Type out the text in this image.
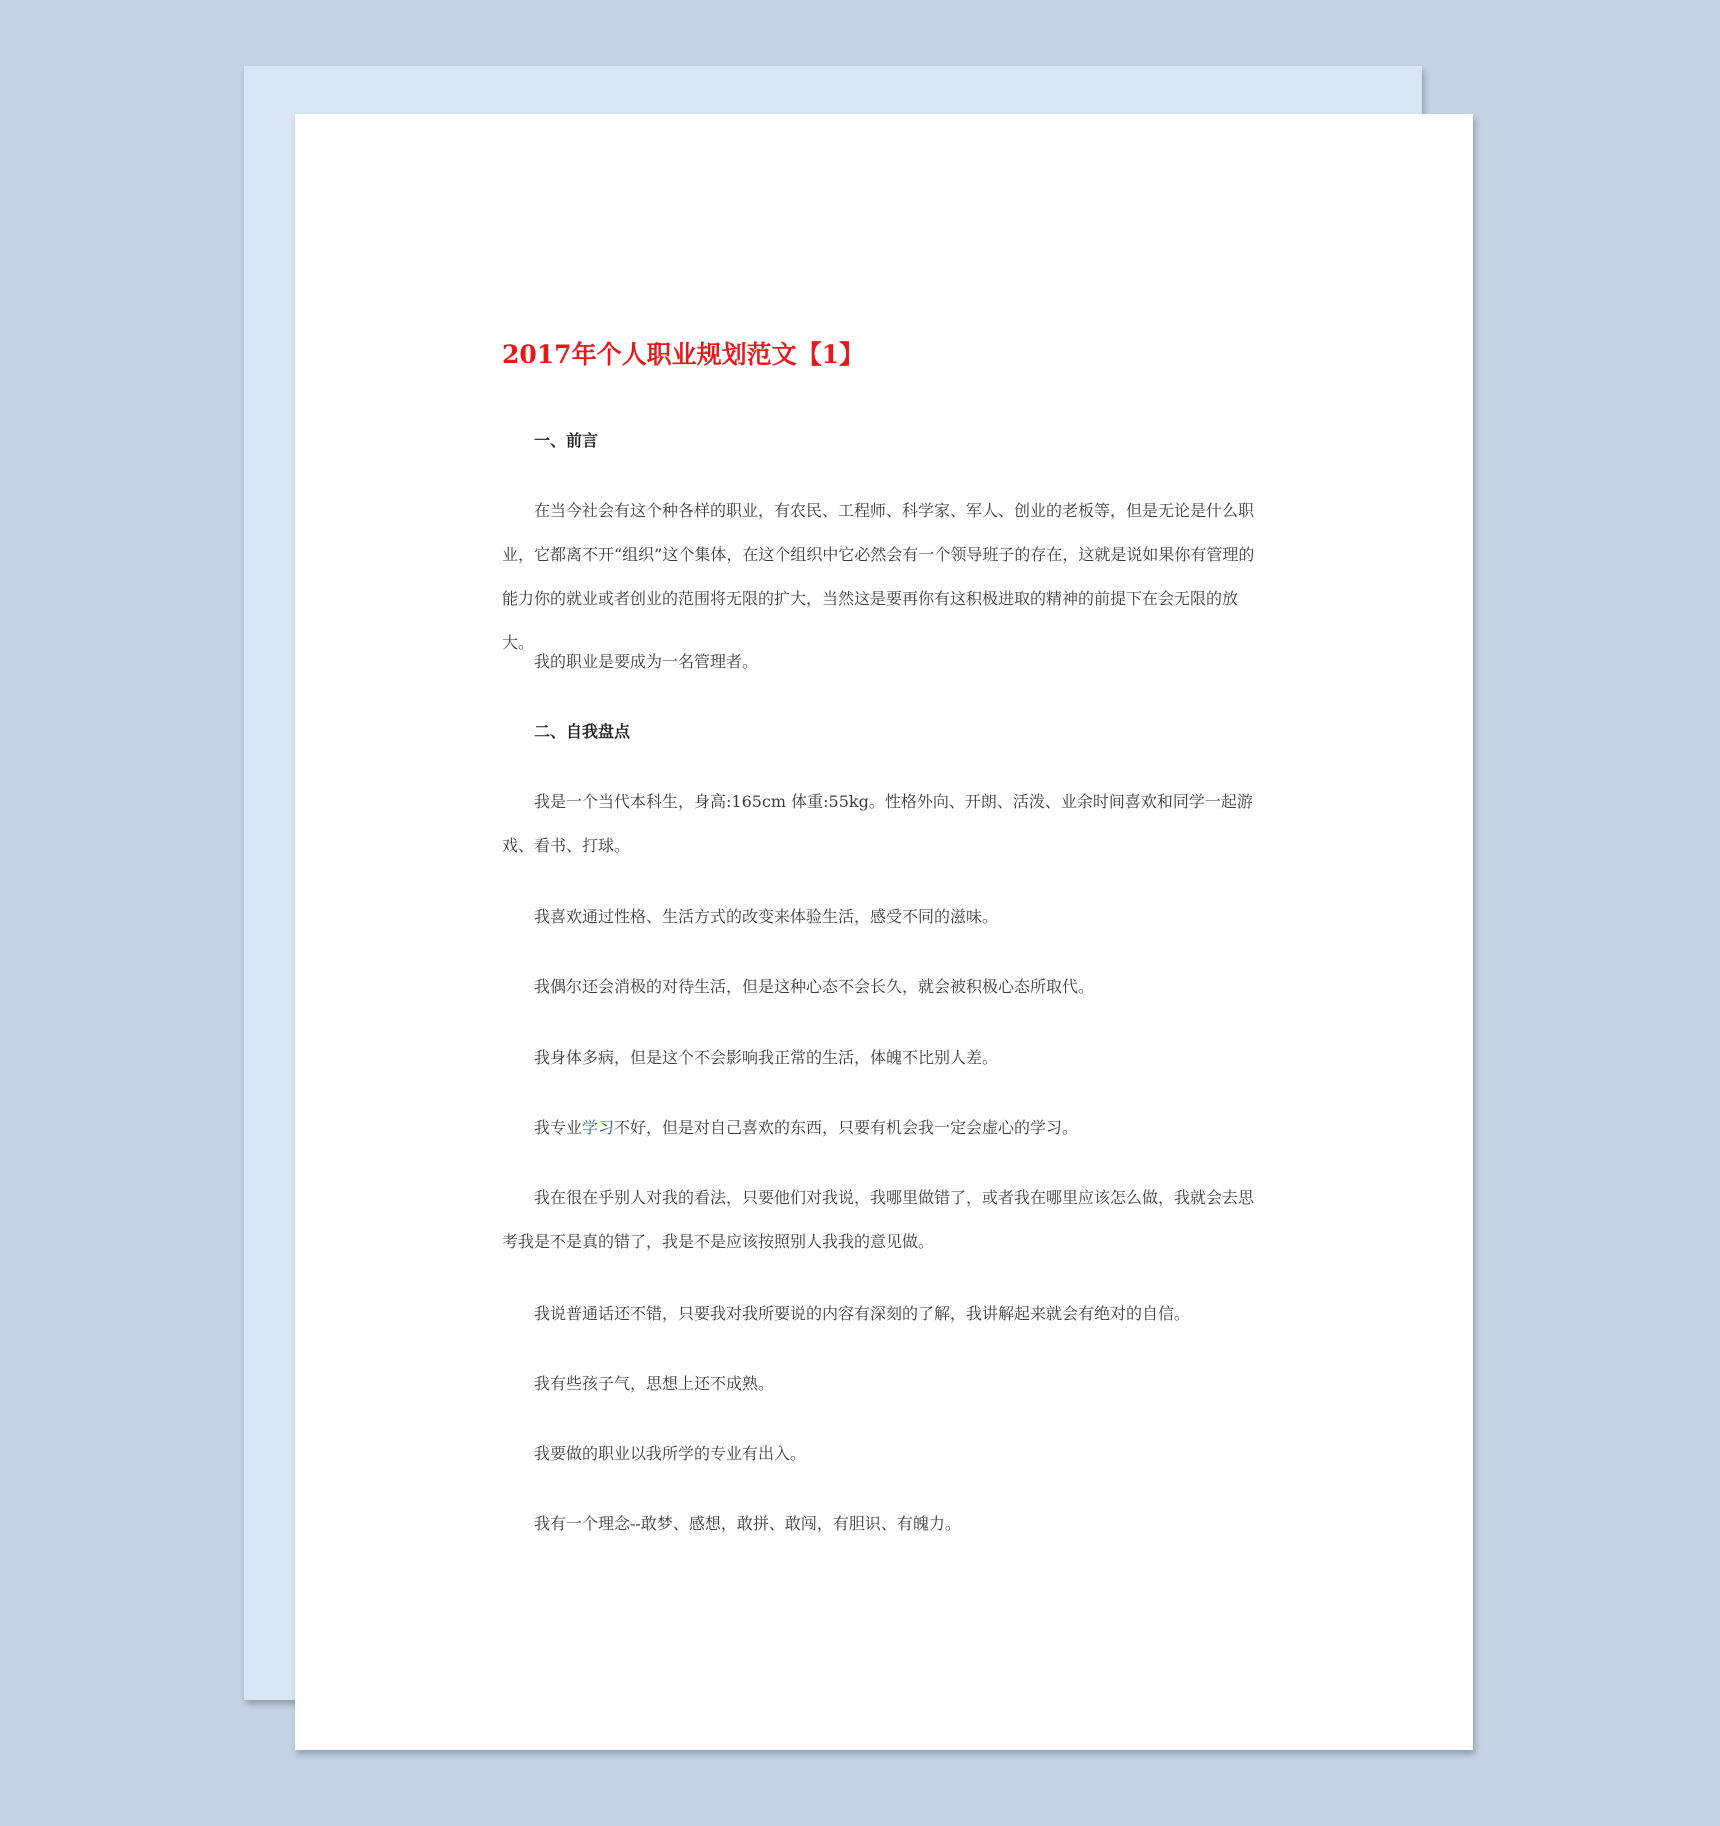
2017年个人职业规划范文【1】

一、前言

在当今社会有这个种各样的职业，有农民、工程师、科学家、军人、创业的老板等，但是无论是什么职业，它都离不开“组织”这个集体，在这个组织中它必然会有一个领导班子的存在，这就是说如果你有管理的能力你的就业或者创业的范围将无限的扩大，当然这是要再你有这积极进取的精神的前提下在会无限的放大。

我的职业是要成为一名管理者。

二、自我盘点

我是一个当代本科生，身高:165cm 体重:55kg。性格外向、开朗、活泼、业余时间喜欢和同学一起游戏、看书、打球。

我喜欢通过性格、生活方式的改变来体验生活，感受不同的滋味。

我偶尔还会消极的对待生活，但是这种心态不会长久，就会被积极心态所取代。

我身体多病，但是这个不会影响我正常的生活，体魄不比别人差。

我专业学习不好，但是对自己喜欢的东西，只要有机会我一定会虚心的学习。

我在很在乎别人对我的看法，只要他们对我说，我哪里做错了，或者我在哪里应该怎么做，我就会去思考我是不是真的错了，我是不是应该按照别人我我的意见做。

我说普通话还不错，只要我对我所要说的内容有深刻的了解，我讲解起来就会有绝对的自信。

我有些孩子气，思想上还不成熟。

我要做的职业以我所学的专业有出入。

我有一个理念--敢梦、感想，敢拼、敢闯，有胆识、有魄力。
